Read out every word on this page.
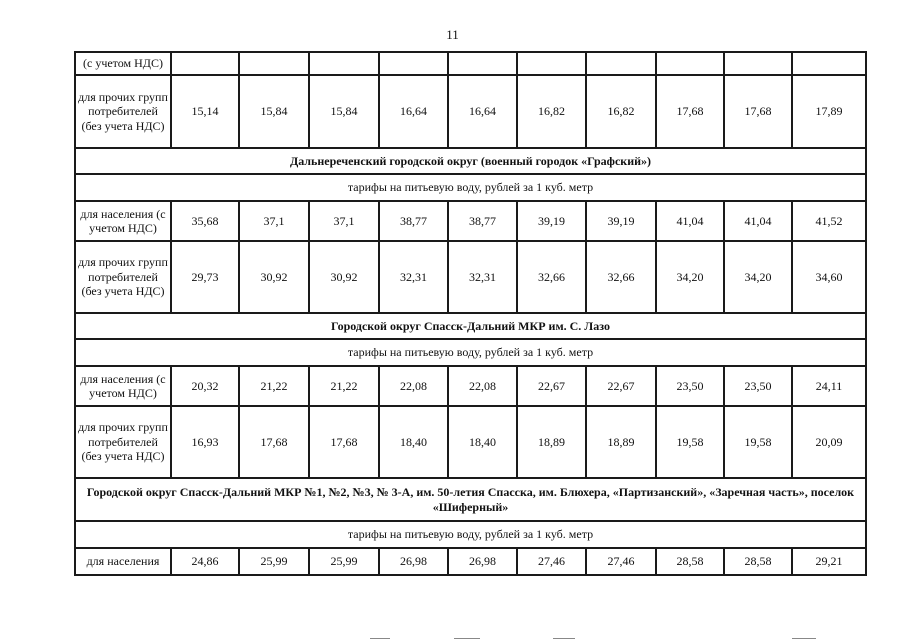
11
(с учетом НДС)										
для прочих групп потребителей (без учета НДС)	15,14	15,84	15,84	16,64	16,64	16,82	16,82	17,68	17,68	17,89
Дальнереченский городской округ (военный городок «Графский»)										
тарифы на питьевую воду, рублей за 1 куб. метр										
для населения (с учетом НДС)	35,68	37,1	37,1	38,77	38,77	39,19	39,19	41,04	41,04	41,52
для прочих групп потребителей (без учета НДС)	29,73	30,92	30,92	32,31	32,31	32,66	32,66	34,20	34,20	34,60
Городской округ Спасск-Дальний МКР им. С. Лазо										
тарифы на питьевую воду, рублей за 1 куб. метр										
для населения (с учетом НДС)	20,32	21,22	21,22	22,08	22,08	22,67	22,67	23,50	23,50	24,11
для прочих групп потребителей (без учета НДС)	16,93	17,68	17,68	18,40	18,40	18,89	18,89	19,58	19,58	20,09
Городской округ Спасск-Дальний МКР №1, №2, №3, № 3-А, им. 50-летия Спасска, им. Блюхера, «Партизанский», «Заречная часть», поселок «Шиферный»										
тарифы на питьевую воду, рублей за 1 куб. метр										
для населения	24,86	25,99	25,99	26,98	26,98	27,46	27,46	28,58	28,58	29,21
